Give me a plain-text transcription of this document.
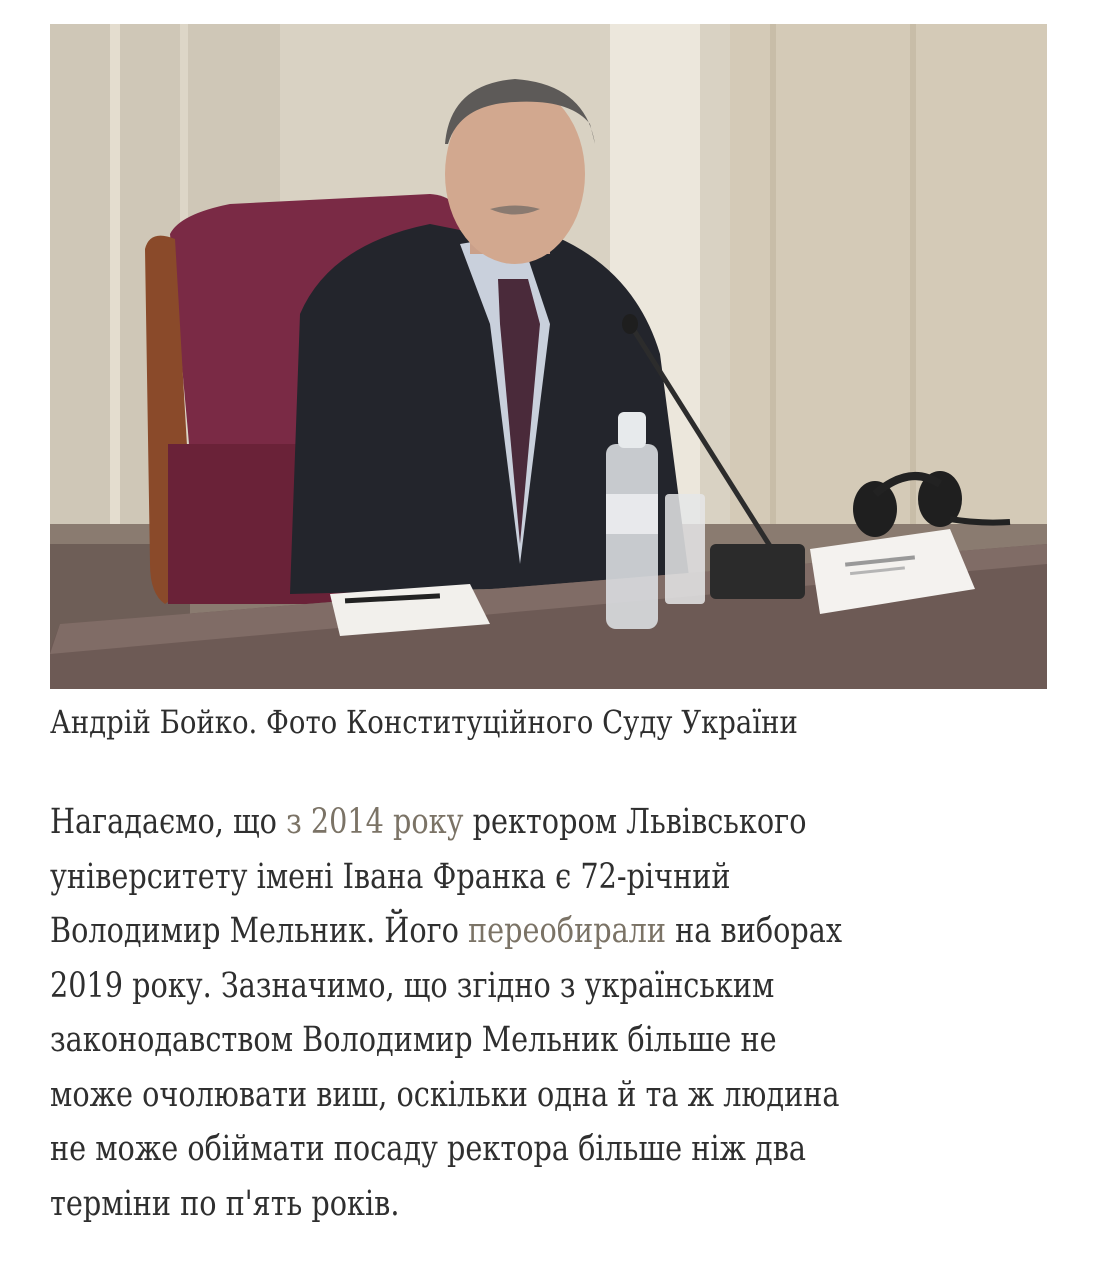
Андрій Бойко. Фото Конституційного Суду України

Нагадаємо, що з 2014 року ректором Львівського
університету імені Івана Франка є 72-річний
Володимир Мельник. Його переобирали на виборах
2019 року. Зазначимо, що згідно з українським
законодавством Володимир Мельник більше не
може очолювати виш, оскільки одна й та ж людина
не може обіймати посаду ректора більше ніж два
терміни по п'ять років.
